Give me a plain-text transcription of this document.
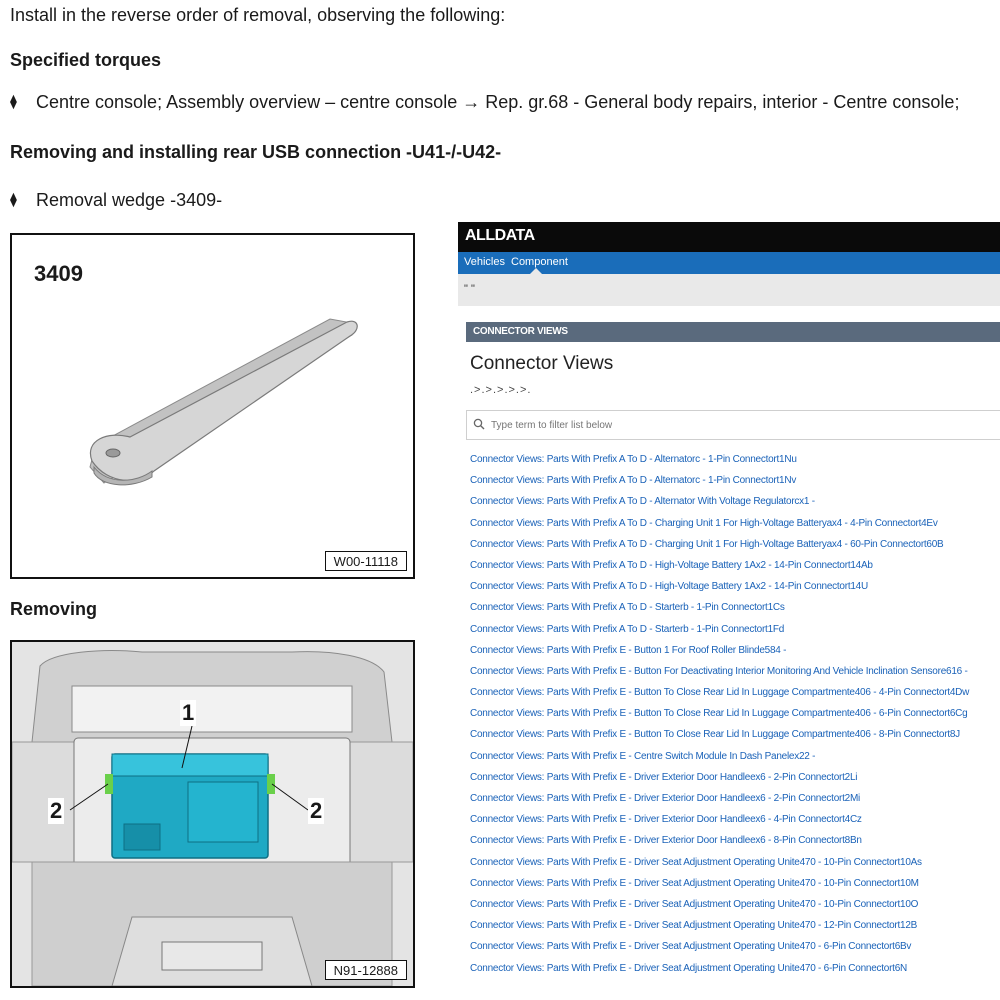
Install in the reverse order of removal, observing the following:
Specified torques
⧫ Centre console; Assembly overview – centre console → Rep. gr.68 - General body repairs, interior - Centre console;
Removing and installing rear USB connection -U41-/-U42-
⧫ Removal wedge -3409-
3409
W00-11118
Removing
1
2	2
N91-12888
ALLDATA
Vehicles Component
" "
CONNECTOR VIEWS
Connector Views
.>.>.>.>.>.
Type term to filter list below
Connector Views: Parts With Prefix A To D - Alternatorc - 1-Pin Connectort1Nu
Connector Views: Parts With Prefix A To D - Alternatorc - 1-Pin Connectort1Nv
Connector Views: Parts With Prefix A To D - Alternator With Voltage Regulatorcx1 -
Connector Views: Parts With Prefix A To D - Charging Unit 1 For High-Voltage Batteryax4 - 4-Pin Connectort4Ev
Connector Views: Parts With Prefix A To D - Charging Unit 1 For High-Voltage Batteryax4 - 60-Pin Connectort60B
Connector Views: Parts With Prefix A To D - High-Voltage Battery 1Ax2 - 14-Pin Connectort14Ab
Connector Views: Parts With Prefix A To D - High-Voltage Battery 1Ax2 - 14-Pin Connectort14U
Connector Views: Parts With Prefix A To D - Starterb - 1-Pin Connectort1Cs
Connector Views: Parts With Prefix A To D - Starterb - 1-Pin Connectort1Fd
Connector Views: Parts With Prefix E - Button 1 For Roof Roller Blinde584 -
Connector Views: Parts With Prefix E - Button For Deactivating Interior Monitoring And Vehicle Inclination Sensore616 -
Connector Views: Parts With Prefix E - Button To Close Rear Lid In Luggage Compartmente406 - 4-Pin Connectort4Dw
Connector Views: Parts With Prefix E - Button To Close Rear Lid In Luggage Compartmente406 - 6-Pin Connectort6Cg
Connector Views: Parts With Prefix E - Button To Close Rear Lid In Luggage Compartmente406 - 8-Pin Connectort8J
Connector Views: Parts With Prefix E - Centre Switch Module In Dash Panelex22 -
Connector Views: Parts With Prefix E - Driver Exterior Door Handleex6 - 2-Pin Connectort2Li
Connector Views: Parts With Prefix E - Driver Exterior Door Handleex6 - 2-Pin Connectort2Mi
Connector Views: Parts With Prefix E - Driver Exterior Door Handleex6 - 4-Pin Connectort4Cz
Connector Views: Parts With Prefix E - Driver Exterior Door Handleex6 - 8-Pin Connectort8Bn
Connector Views: Parts With Prefix E - Driver Seat Adjustment Operating Unite470 - 10-Pin Connectort10As
Connector Views: Parts With Prefix E - Driver Seat Adjustment Operating Unite470 - 10-Pin Connectort10M
Connector Views: Parts With Prefix E - Driver Seat Adjustment Operating Unite470 - 10-Pin Connectort10O
Connector Views: Parts With Prefix E - Driver Seat Adjustment Operating Unite470 - 12-Pin Connectort12B
Connector Views: Parts With Prefix E - Driver Seat Adjustment Operating Unite470 - 6-Pin Connectort6Bv
Connector Views: Parts With Prefix E - Driver Seat Adjustment Operating Unite470 - 6-Pin Connectort6N
